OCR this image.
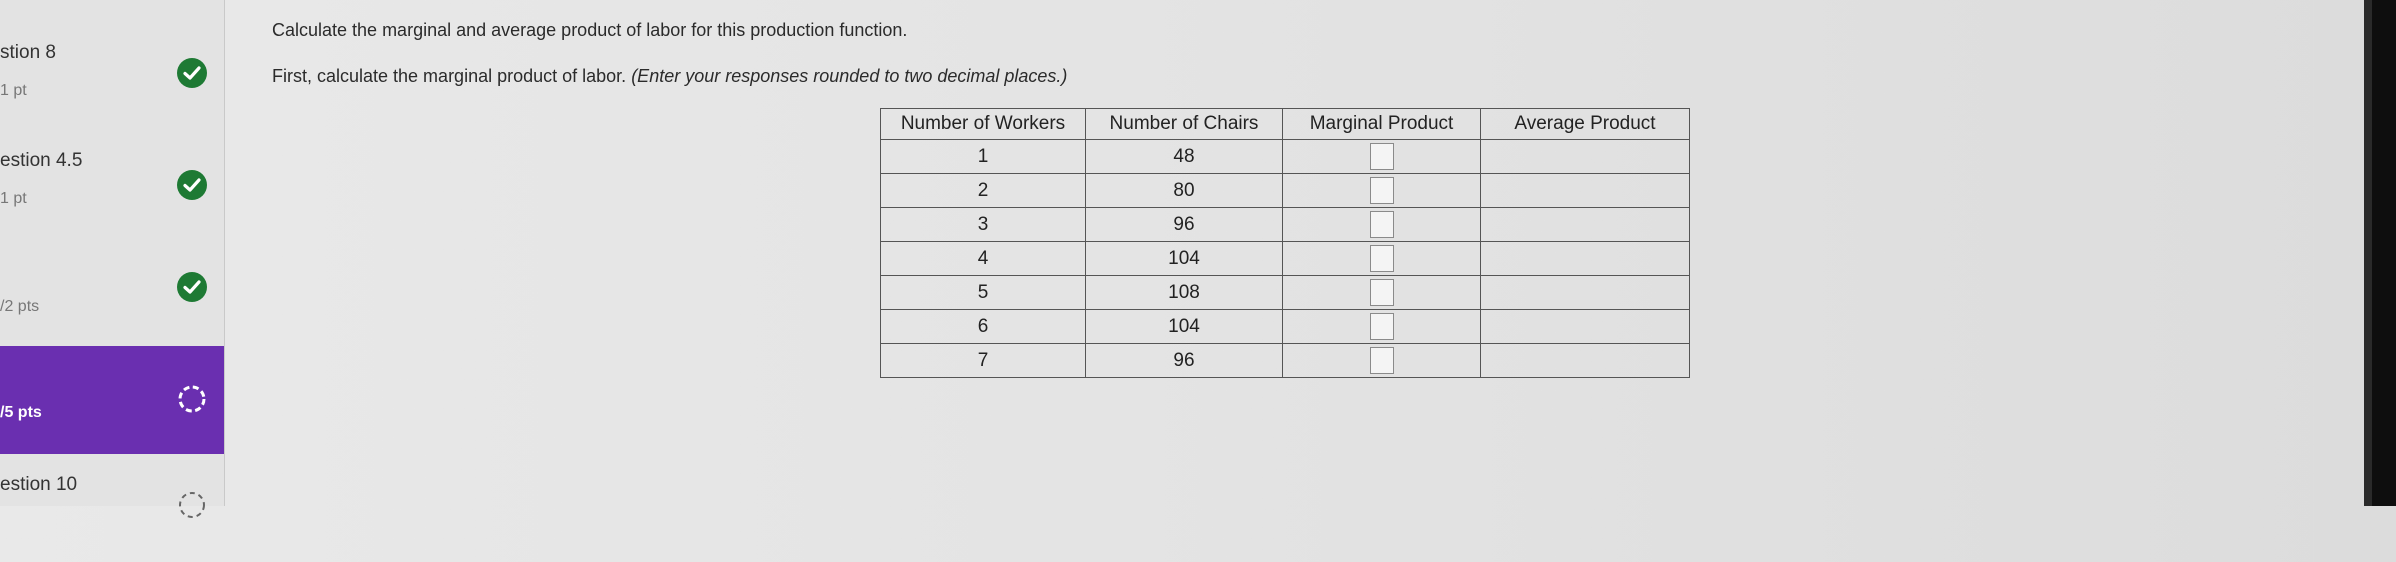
stion 8
1 pt
estion 4.5
1 pt
/2 pts
/5 pts
estion 10
Calculate the marginal and average product of labor for this production function.
First, calculate the marginal product of labor. (Enter your responses rounded to two decimal places.)
Number of Workers	Number of Chairs	Marginal Product	Average Product
1	48		
2	80		
3	96		
4	104		
5	108		
6	104		
7	96		
